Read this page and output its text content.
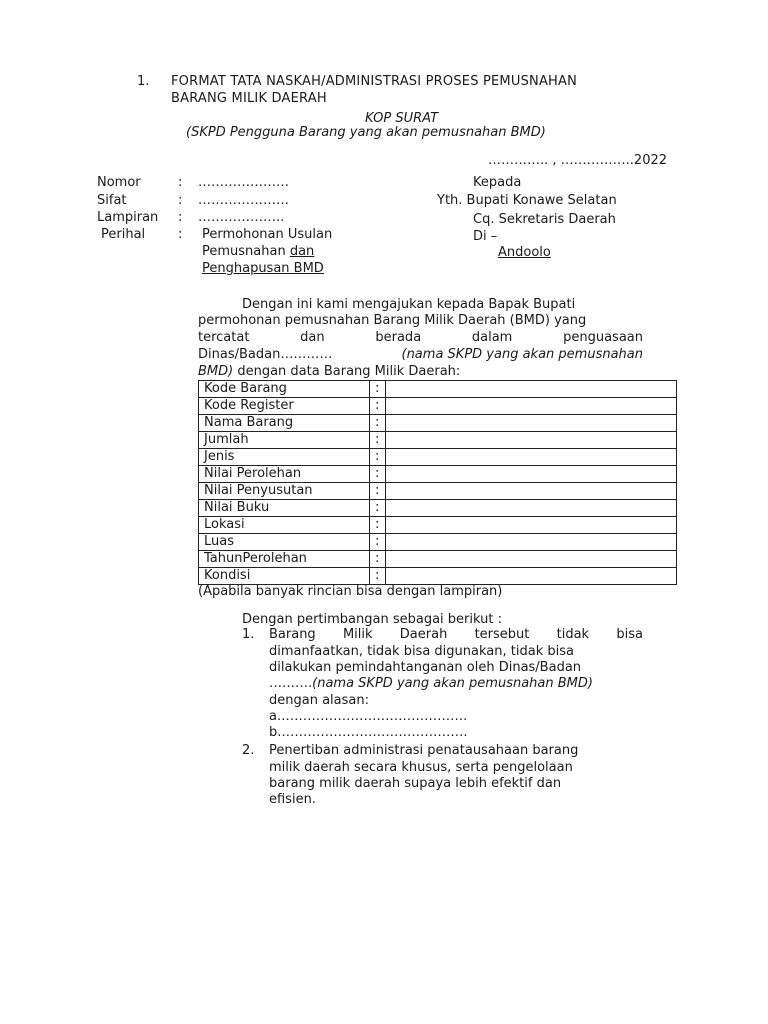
1. FORMAT TATA NASKAH/ADMINISTRASI PROSES PEMUSNAHAN
BARANG MILIK DAERAH
KOP SURAT
(SKPD Pengguna Barang yang akan pemusnahan BMD)
………….. , ……………..2022
Nomor	: …………………
Sifat	: …………………
Lampiran : ………………..
Perihal	: Permohonan Usulan
Pemusnahan dan
Penghapusan BMD
Kepada
Yth. Bupati Konawe Selatan
Cq. Sekretaris Daerah
Di –
Andoolo
Dengan ini kami mengajukan kepada Bapak Bupati
permohonan pemusnahan Barang Milik Daerah (BMD) yang
tercatat	dan	berada	dalam	penguasaan
Dinas/Badan…………	(nama SKPD yang akan pemusnahan
BMD) dengan data Barang Milik Daerah:
Kode Barang	:	
Kode Register	:	
Nama Barang	:	
Jumlah	:	
Jenis	:	
Nilai Perolehan	:	
Nilai Penyusutan	:	
Nilai Buku	:	
Lokasi	:	
Luas	:	
TahunPerolehan	:	
Kondisi	:	
(Apabila banyak rincian bisa dengan lampiran)
Dengan pertimbangan sebagai berikut :
1. Barang Milik Daerah tersebut tidak bisa
dimanfaatkan, tidak bisa digunakan, tidak bisa
dilakukan pemindahtanganan oleh Dinas/Badan
……….(nama SKPD yang akan pemusnahan BMD)
dengan alasan:
a.…………………………………….
b.…………………………………….
2. Penertiban administrasi penatausahaan barang
milik daerah secara khusus, serta pengelolaan
barang milik daerah supaya lebih efektif dan
efisien.
